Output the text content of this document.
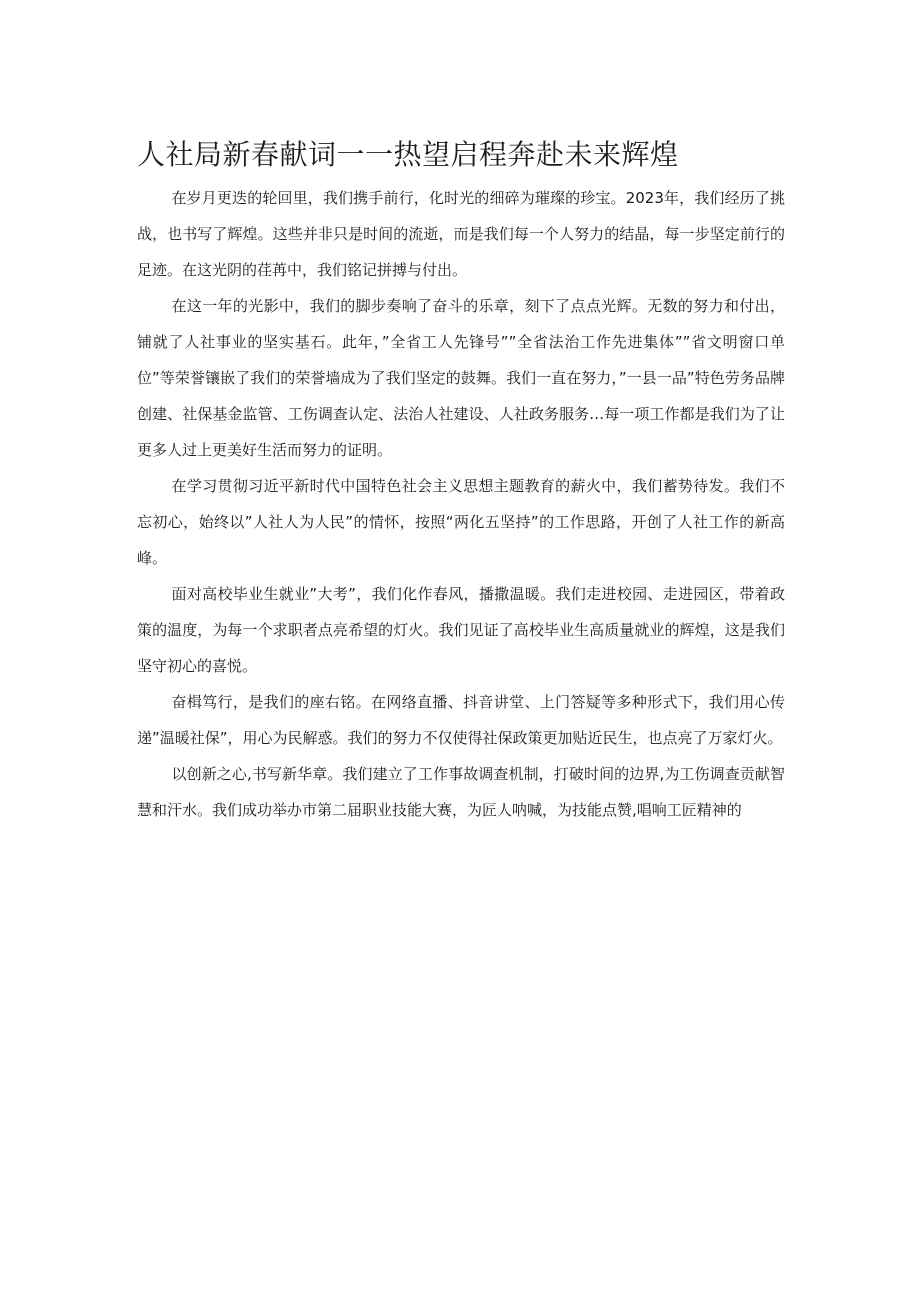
人社局新春献词一一热望启程奔赴未来辉煌

在岁月更迭的轮回里，我们携手前行，化时光的细碎为璀璨的珍宝。2023年，我们经历了挑战，也书写了辉煌。这些并非只是时间的流逝，而是我们每一个人努力的结晶，每一步坚定前行的足迹。在这光阴的荏苒中，我们铭记拼搏与付出。

在这一年的光影中，我们的脚步奏响了奋斗的乐章，刻下了点点光辉。无数的努力和付出，铺就了人社事业的坚实基石。此年，”全省工人先锋号””全省法治工作先进集体””省文明窗口单位”等荣誉镶嵌了我们的荣誉墙成为了我们坚定的鼓舞。我们一直在努力，”一县一品”特色劳务品牌创建、社保基金监管、工伤调查认定、法治人社建设、人社政务服务…每一项工作都是我们为了让更多人过上更美好生活而努力的证明。

在学习贯彻习近平新时代中国特色社会主义思想主题教育的薪火中，我们蓄势待发。我们不忘初心，始终以”人社人为人民”的情怀，按照“两化五坚持”的工作思路，开创了人社工作的新高峰。

面对高校毕业生就业”大考”，我们化作春风，播撒温暖。我们走进校园、走进园区，带着政策的温度，为每一个求职者点亮希望的灯火。我们见证了高校毕业生高质量就业的辉煌，这是我们坚守初心的喜悦。

奋楫笃行，是我们的座右铭。在网络直播、抖音讲堂、上门答疑等多种形式下，我们用心传递”温暖社保”，用心为民解惑。我们的努力不仅使得社保政策更加贴近民生，也点亮了万家灯火。

以创新之心,书写新华章。我们建立了工作事故调查机制，打破时间的边界,为工伤调查贡献智慧和汗水。我们成功举办市第二届职业技能大赛，为匠人呐喊，为技能点赞,唱响工匠精神的
